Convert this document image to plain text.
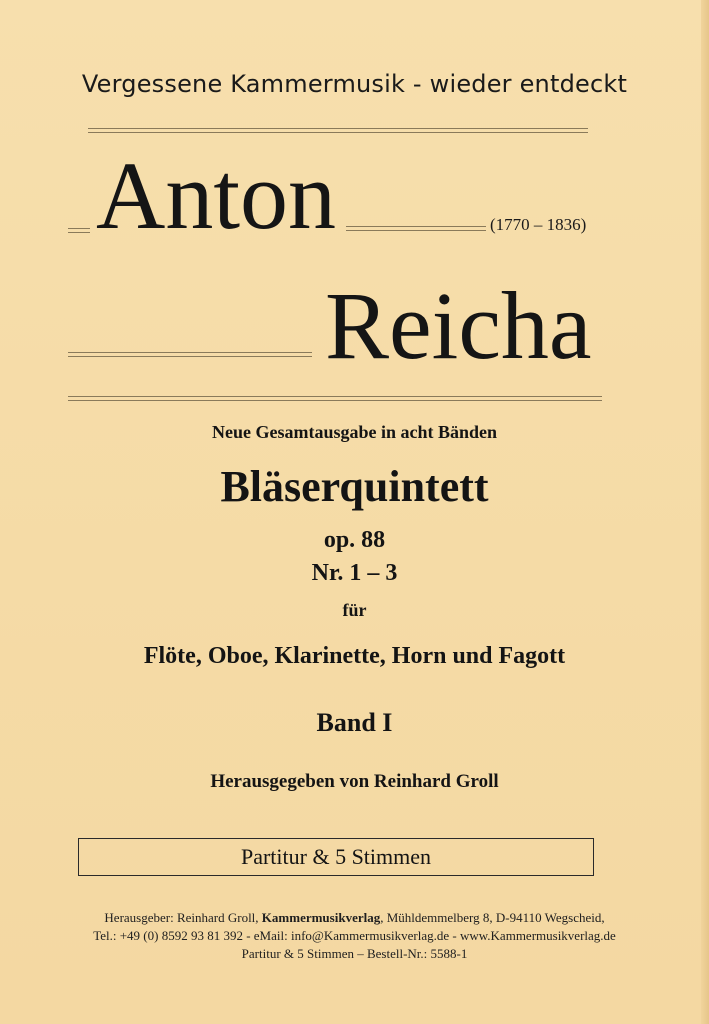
Vergessene Kammermusik - wieder entdeckt
Anton	(1770 – 1836)
Reicha
Neue Gesamtausgabe in acht Bänden
Bläserquintett
op. 88
Nr. 1 – 3
für
Flöte, Oboe, Klarinette, Horn und Fagott
Band I
Herausgegeben von Reinhard Groll
Partitur & 5 Stimmen
Herausgeber: Reinhard Groll, Kammermusikverlag, Mühldemmelberg 8, D-94110 Wegscheid,
Tel.: +49 (0) 8592 93 81 392 - eMail: info@Kammermusikverlag.de - www.Kammermusikverlag.de
Partitur & 5 Stimmen – Bestell-Nr.: 5588-1
